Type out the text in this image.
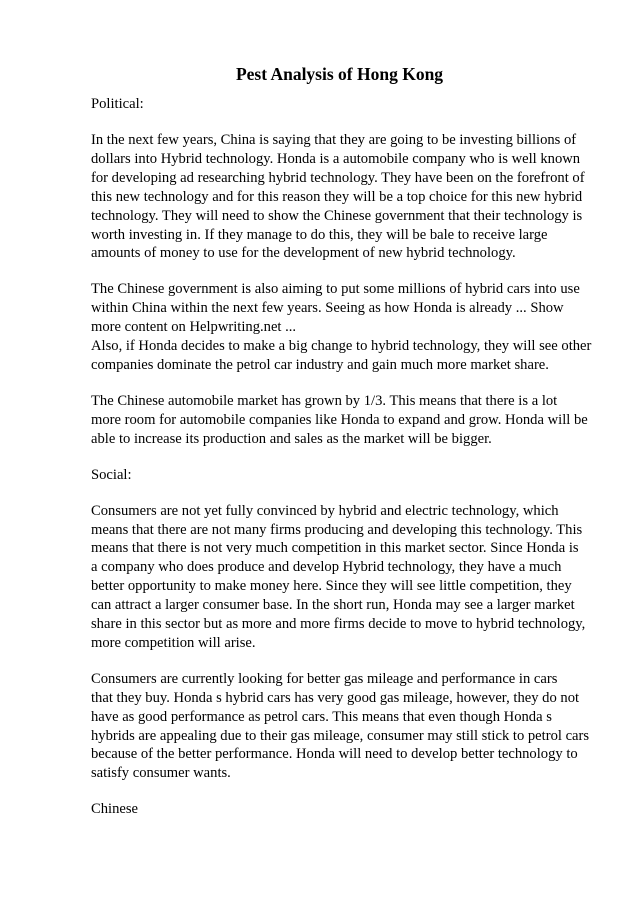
Pest Analysis of Hong Kong
Political:
In the next few years, China is saying that they are going to be investing billions of
dollars into Hybrid technology. Honda is a automobile company who is well known
for developing ad researching hybrid technology. They have been on the forefront of
this new technology and for this reason they will be a top choice for this new hybrid
technology. They will need to show the Chinese government that their technology is
worth investing in. If they manage to do this, they will be bale to receive large
amounts of money to use for the development of new hybrid technology.
The Chinese government is also aiming to put some millions of hybrid cars into use
within China within the next few years. Seeing as how Honda is already ... Show
more content on Helpwriting.net ...
Also, if Honda decides to make a big change to hybrid technology, they will see other
companies dominate the petrol car industry and gain much more market share.
The Chinese automobile market has grown by 1/3. This means that there is a lot
more room for automobile companies like Honda to expand and grow. Honda will be
able to increase its production and sales as the market will be bigger.
Social:
Consumers are not yet fully convinced by hybrid and electric technology, which
means that there are not many firms producing and developing this technology. This
means that there is not very much competition in this market sector. Since Honda is
a company who does produce and develop Hybrid technology, they have a much
better opportunity to make money here. Since they will see little competition, they
can attract a larger consumer base. In the short run, Honda may see a larger market
share in this sector but as more and more firms decide to move to hybrid technology,
more competition will arise.
Consumers are currently looking for better gas mileage and performance in cars
that they buy. Honda s hybrid cars has very good gas mileage, however, they do not
have as good performance as petrol cars. This means that even though Honda s
hybrids are appealing due to their gas mileage, consumer may still stick to petrol cars
because of the better performance. Honda will need to develop better technology to
satisfy consumer wants.
Chinese
